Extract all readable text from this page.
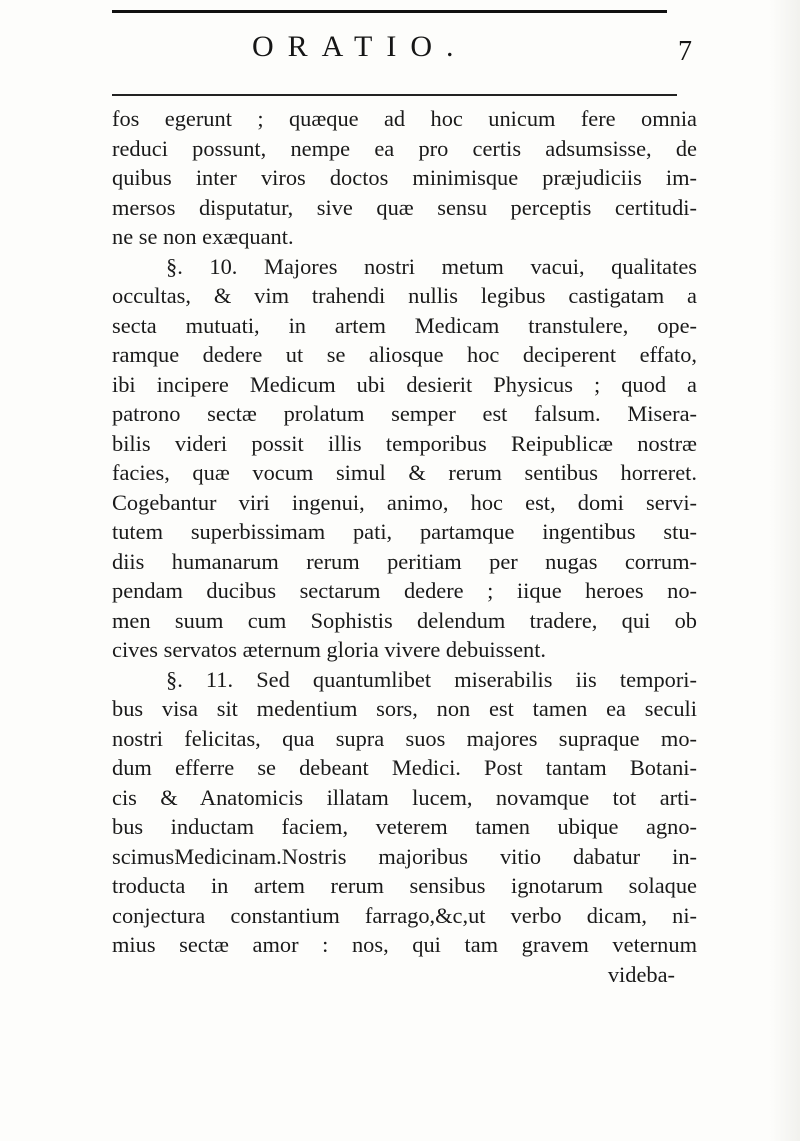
ORATIO.	7
fos egerunt ; quæque ad hoc unicum fere omnia
reduci possunt, nempe ea pro certis adsumsisse, de
quibus inter viros doctos minimisque præjudiciis im-
mersos disputatur, sive quæ sensu perceptis certitudi-
ne se non exæquant.
§. 10. Majores nostri metum vacui, qualitates
occultas, & vim trahendi nullis legibus castigatam a
secta mutuati, in artem Medicam transtulere, ope-
ramque dedere ut se aliosque hoc deciperent effato,
ibi incipere Medicum ubi desierit Physicus ; quod a
patrono sectæ prolatum semper est falsum. Misera-
bilis videri possit illis temporibus Reipublicæ nostræ
facies, quæ vocum simul & rerum sentibus horreret.
Cogebantur viri ingenui, animo, hoc est, domi servi-
tutem superbissimam pati, partamque ingentibus stu-
diis humanarum rerum peritiam per nugas corrum-
pendam ducibus sectarum dedere ; iique heroes no-
men suum cum Sophistis delendum tradere, qui ob
cives servatos æternum gloria vivere debuissent.
§. 11. Sed quantumlibet miserabilis iis tempori-
bus visa sit medentium sors, non est tamen ea seculi
nostri felicitas, qua supra suos majores supraque mo-
dum efferre se debeant Medici. Post tantam Botani-
cis & Anatomicis illatam lucem, novamque tot arti-
bus inductam faciem, veterem tamen ubique agno-
scimusMedicinam.Nostris majoribus vitio dabatur in-
troducta in artem rerum sensibus ignotarum solaque
conjectura constantium farrago,&c,ut verbo dicam, ni-
mius sectæ amor : nos, qui tam gravem veternum
videba-
